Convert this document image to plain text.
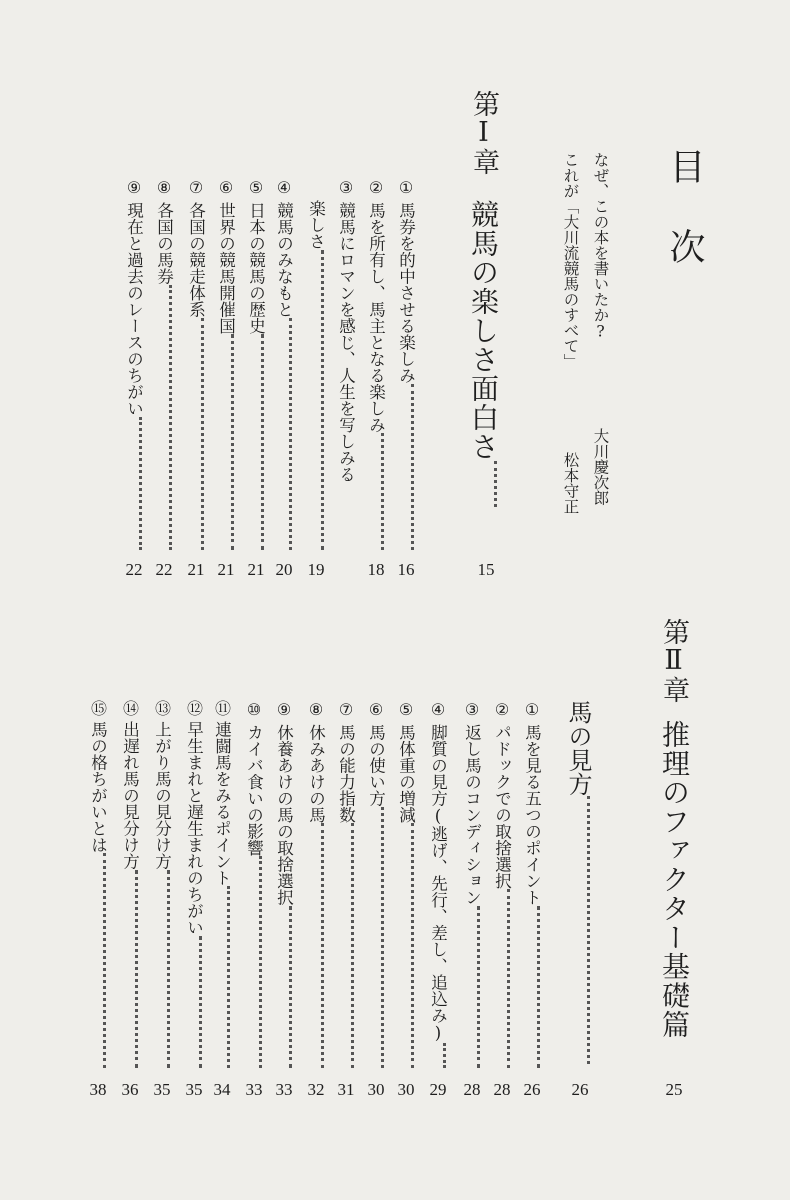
目次
なぜ、この本を書いたか?
これが「大川流競馬のすべて」
大川慶次郎
松本守正
第Ⅰ章
競馬の楽しさ面白さ
15
①馬券を的中させる楽しみ
16
②馬を所有し、馬主となる楽しみ
18
③競馬にロマンを感じ、人生を写しみる
楽しさ
19
④競馬のみなもと
20
⑤日本の競馬の歴史
21
⑥世界の競馬開催国
21
⑦各国の競走体系
21
⑧各国の馬券
22
⑨現在と過去のレースのちがい
22
第Ⅱ章
推理のファクター基礎篇
25
馬の見方
26
①馬を見る五つのポイント
26
②パドックでの取捨選択
28
③返し馬のコンディション
28
④脚質の見方(逃げ、先行、差し、追込み)
29
⑤馬体重の増減
30
⑥馬の使い方
30
⑦馬の能力指数
31
⑧休みあけの馬
32
⑨休養あけの馬の取捨選択
33
⑩カイバ食いの影響
33
⑪連闘馬をみるポイント
34
⑫早生まれと遅生まれのちがい
35
⑬上がり馬の見分け方
35
⑭出遅れ馬の見分け方
36
⑮馬の格ちがいとは
38
